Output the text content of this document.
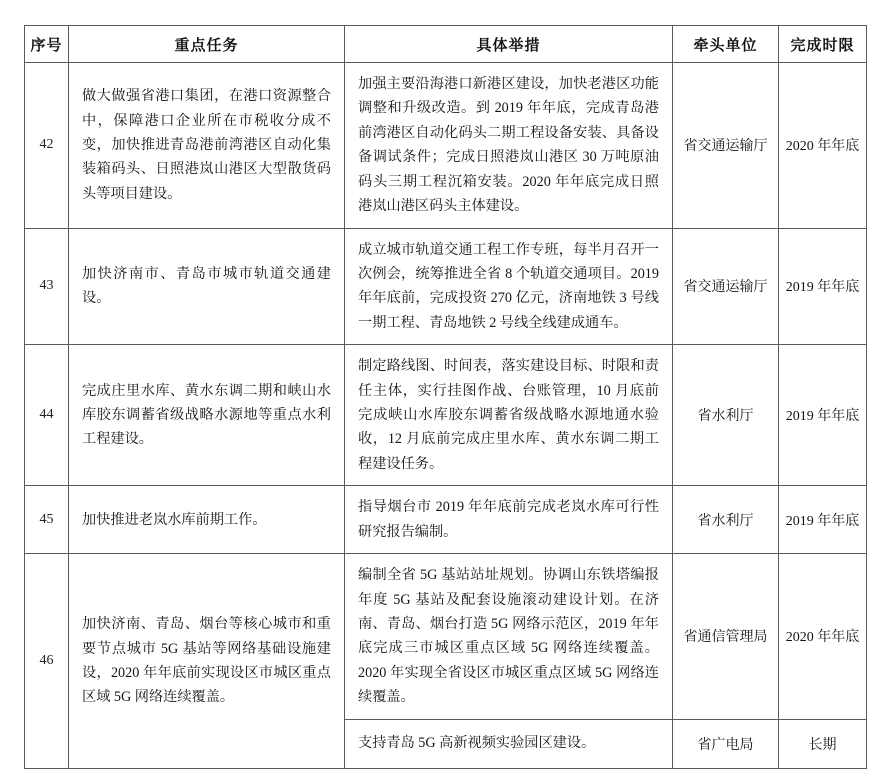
序号	重点任务	具体举措	牵头单位	完成时限
42	做大做强省港口集团，在港口资源整合中，保障港口企业所在市税收分成不变，加快推进青岛港前湾港区自动化集装箱码头、日照港岚山港区大型散货码头等项目建设。	加强主要沿海港口新港区建设，加快老港区功能调整和升级改造。到 2019 年年底，完成青岛港前湾港区自动化码头二期工程设备安装、具备设备调试条件；完成日照港岚山港区 30 万吨原油码头三期工程沉箱安装。2020 年年底完成日照港岚山港区码头主体建设。	省交通运输厅	2020 年年底
43	加快济南市、青岛市城市轨道交通建设。	成立城市轨道交通工程工作专班，每半月召开一次例会，统筹推进全省 8 个轨道交通项目。2019 年年底前，完成投资 270 亿元，济南地铁 3 号线一期工程、青岛地铁 2 号线全线建成通车。	省交通运输厅	2019 年年底
44	完成庄里水库、黄水东调二期和峡山水库胶东调蓄省级战略水源地等重点水利工程建设。	制定路线图、时间表，落实建设目标、时限和责任主体，实行挂图作战、台账管理，10 月底前完成峡山水库胶东调蓄省级战略水源地通水验收，12 月底前完成庄里水库、黄水东调二期工程建设任务。	省水利厅	2019 年年底
45	加快推进老岚水库前期工作。	指导烟台市 2019 年年底前完成老岚水库可行性研究报告编制。	省水利厅	2019 年年底
46	加快济南、青岛、烟台等核心城市和重要节点城市 5G 基站等网络基础设施建设，2020 年年底前实现设区市城区重点区域 5G 网络连续覆盖。	编制全省 5G 基站站址规划。协调山东铁塔编报年度 5G 基站及配套设施滚动建设计划。在济南、青岛、烟台打造 5G 网络示范区，2019 年年底完成三市城区重点区域 5G 网络连续覆盖。2020 年实现全省设区市城区重点区域 5G 网络连续覆盖。	省通信管理局	2020 年年底

		支持青岛 5G 高新视频实验园区建设。	省广电局	长期
